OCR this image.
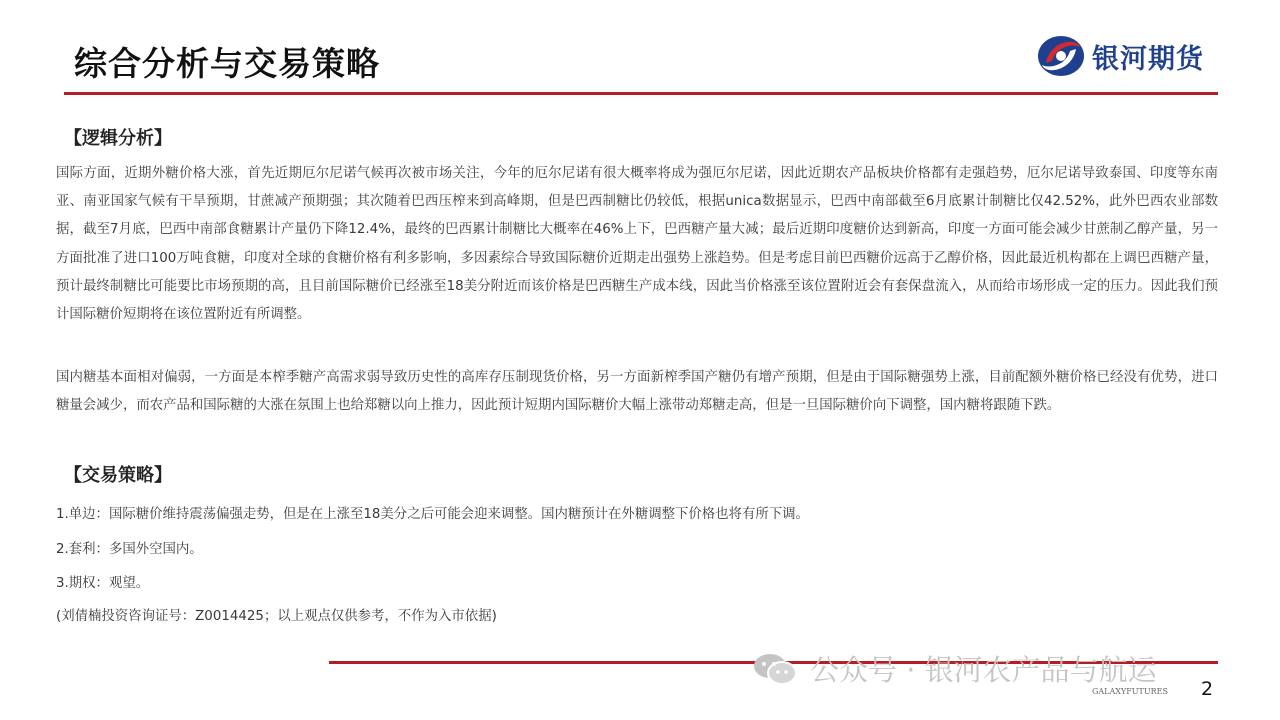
综合分析与交易策略	银河期货
【逻辑分析】

国际方面，近期外糖价格大涨，首先近期厄尔尼诺气候再次被市场关注，今年的厄尔尼诺有很大概率将成为强厄尔尼诺，因此近期农产品板块价格都有走强趋势，厄尔尼诺导致泰国、印度等东南亚、南亚国家气候有干旱预期，甘蔗减产预期强；其次随着巴西压榨来到高峰期，但是巴西制糖比仍较低，根据unica数据显示，巴西中南部截至6月底累计制糖比仅42.52%，此外巴西农业部数据，截至7月底，巴西中南部食糖累计产量仍下降12.4%，最终的巴西累计制糖比大概率在46%上下，巴西糖产量大减；最后近期印度糖价达到新高，印度一方面可能会减少甘蔗制乙醇产量，另一方面批准了进口100万吨食糖，印度对全球的食糖价格有利多影响，多因素综合导致国际糖价近期走出强势上涨趋势。但是考虑目前巴西糖价远高于乙醇价格，因此最近机构都在上调巴西糖产量，预计最终制糖比可能要比市场预期的高，且目前国际糖价已经涨至18美分附近而该价格是巴西糖生产成本线，因此当价格涨至该位置附近会有套保盘流入，从而给市场形成一定的压力。因此我们预计国际糖价短期将在该位置附近有所调整。

国内糖基本面相对偏弱，一方面是本榨季糖产高需求弱导致历史性的高库存压制现货价格，另一方面新榨季国产糖仍有增产预期，但是由于国际糖强势上涨，目前配额外糖价格已经没有优势，进口糖量会减少，而农产品和国际糖的大涨在氛围上也给郑糖以向上推力，因此预计短期内国际糖价大幅上涨带动郑糖走高，但是一旦国际糖价向下调整，国内糖将跟随下跌。

【交易策略】
1.单边：国际糖价维持震荡偏强走势，但是在上涨至18美分之后可能会迎来调整。国内糖预计在外糖调整下价格也将有所下调。
2.套利：多国外空国内。
3.期权：观望。
(刘倩楠投资咨询证号：Z0014425；以上观点仅供参考，不作为入市依据)
公众号 · 银河农产品与航运
GALAXYFUTURES 2
